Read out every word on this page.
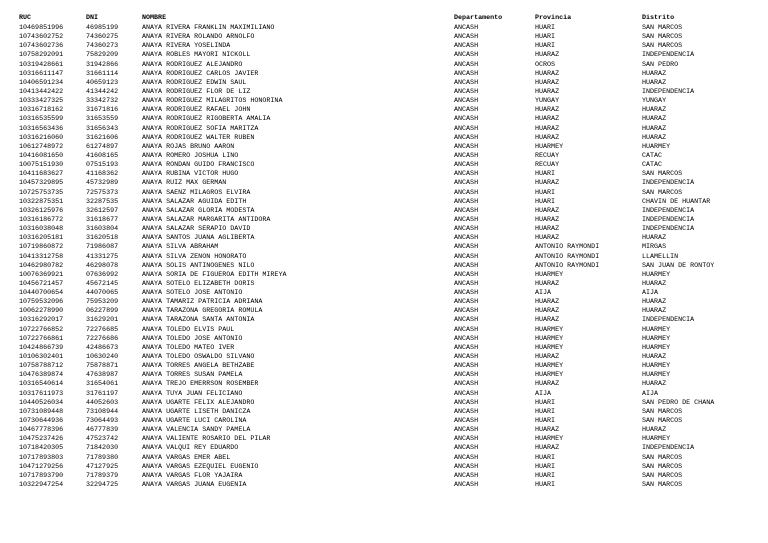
RUC	DNI	NOMBRE	Departamento	Provincia	Distrito
10469851996	46985199	ANAYA RIVERA FRANKLIN MAXIMILIANO	ANCASH	HUARI	SAN MARCOS
10743602752	74360275	ANAYA RIVERA ROLANDO ARNOLFO	ANCASH	HUARI	SAN MARCOS
10743602736	74360273	ANAYA RIVERA YOSELINDA	ANCASH	HUARI	SAN MARCOS
10758292091	75829209	ANAYA ROBLES MAYORI NICKOLL	ANCASH	HUARAZ	INDEPENDENCIA
10319428661	31942866	ANAYA RODRIGUEZ ALEJANDRO	ANCASH	OCROS	SAN PEDRO
10316611147	31661114	ANAYA RODRIGUEZ CARLOS JAVIER	ANCASH	HUARAZ	HUARAZ
10406591234	40659123	ANAYA RODRIGUEZ EDWIN SAUL	ANCASH	HUARAZ	HUARAZ
10413442422	41344242	ANAYA RODRIGUEZ FLOR DE LIZ	ANCASH	HUARAZ	INDEPENDENCIA
10333427325	33342732	ANAYA RODRIGUEZ MILAGRITOS HONORINA	ANCASH	YUNGAY	YUNGAY
10316718162	31671816	ANAYA RODRIGUEZ RAFAEL JOHN	ANCASH	HUARAZ	HUARAZ
10316535599	31653559	ANAYA RODRIGUEZ RIGOBERTA AMALIA	ANCASH	HUARAZ	HUARAZ
10316563436	31656343	ANAYA RODRIGUEZ SOFIA MARITZA	ANCASH	HUARAZ	HUARAZ
10316216060	31621606	ANAYA RODRIGUEZ WALTER RUBEN	ANCASH	HUARAZ	HUARAZ
10612748972	61274897	ANAYA ROJAS BRUNO AARON	ANCASH	HUARMEY	HUARMEY
10416081650	41608165	ANAYA ROMERO JOSHUA LINO	ANCASH	RECUAY	CATAC
10075151930	07515193	ANAYA RONDAN GUIDO FRANCISCO	ANCASH	RECUAY	CATAC
10411683627	41168362	ANAYA RUBINA VICTOR HUGO	ANCASH	HUARI	SAN MARCOS
10457329895	45732989	ANAYA RUIZ MAX GERMAN	ANCASH	HUARAZ	INDEPENDENCIA
10725753735	72575373	ANAYA SAENZ MILAGROS ELVIRA	ANCASH	HUARI	SAN MARCOS
10322875351	32287535	ANAYA SALAZAR AGUIDA EDITH	ANCASH	HUARI	CHAVIN DE HUANTAR
10326125976	32612597	ANAYA SALAZAR GLORIA MODESTA	ANCASH	HUARAZ	INDEPENDENCIA
10316186772	31618677	ANAYA SALAZAR MARGARITA ANTIDORA	ANCASH	HUARAZ	INDEPENDENCIA
10316038048	31603804	ANAYA SALAZAR SERAPIO DAVID	ANCASH	HUARAZ	INDEPENDENCIA
10316205181	31620518	ANAYA SANTOS JUANA AGLIBERTA	ANCASH	HUARAZ	HUARAZ
10719860872	71986087	ANAYA SILVA ABRAHAM	ANCASH	ANTONIO RAYMONDI	MIRGAS
10413312758	41331275	ANAYA SILVA ZENON HONORATO	ANCASH	ANTONIO RAYMONDI	LLAMELLIN
10462980782	46298078	ANAYA SOLIS ANTINOGENES NILO	ANCASH	ANTONIO RAYMONDI	SAN JUAN DE RONTOY
10076369921	07636992	ANAYA SORIA DE FIGUEROA EDITH MIREYA	ANCASH	HUARMEY	HUARMEY
10456721457	45672145	ANAYA SOTELO ELIZABETH DORIS	ANCASH	HUARAZ	HUARAZ
10440700654	44070065	ANAYA SOTELO JOSE ANTONIO	ANCASH	AIJA	AIJA
10759532096	75953209	ANAYA TAMARIZ PATRICIA ADRIANA	ANCASH	HUARAZ	HUARAZ
10062278990	06227899	ANAYA TARAZONA GREGORIA ROMULA	ANCASH	HUARAZ	HUARAZ
10316292017	31629201	ANAYA TARAZONA SANTA ANTONIA	ANCASH	HUARAZ	INDEPENDENCIA
10722766852	72276685	ANAYA TOLEDO ELVIS PAUL	ANCASH	HUARMEY	HUARMEY
10722766861	72276686	ANAYA TOLEDO JOSE ANTONIO	ANCASH	HUARMEY	HUARMEY
10424866739	42486673	ANAYA TOLEDO MATEO IVER	ANCASH	HUARMEY	HUARMEY
10106302401	10630240	ANAYA TOLEDO OSWALDO SILVANO	ANCASH	HUARAZ	HUARAZ
10758788712	75878871	ANAYA TORRES ANGELA BETHZABE	ANCASH	HUARMEY	HUARMEY
10476389874	47638987	ANAYA TORRES SUSAN PAMELA	ANCASH	HUARMEY	HUARMEY
10316540614	31654061	ANAYA TREJO EMERRSON ROSEMBER	ANCASH	HUARAZ	HUARAZ
10317611973	31761197	ANAYA TUYA JUAN FELICIANO	ANCASH	AIJA	AIJA
10440526034	44052603	ANAYA UGARTE FELIX ALEJANDRO	ANCASH	HUARI	SAN PEDRO DE CHANA
10731089448	73108944	ANAYA UGARTE LISETH DANICZA	ANCASH	HUARI	SAN MARCOS
10730644936	73064493	ANAYA UGARTE LUCI CAROLINA	ANCASH	HUARI	SAN MARCOS
10467778396	46777839	ANAYA VALENCIA SANDY PAMELA	ANCASH	HUARAZ	HUARAZ
10475237426	47523742	ANAYA VALIENTE ROSARIO DEL PILAR	ANCASH	HUARMEY	HUARMEY
10718420305	71842030	ANAYA VALQUI REY EDUARDO	ANCASH	HUARAZ	INDEPENDENCIA
10717893803	71789380	ANAYA VARGAS EMER ABEL	ANCASH	HUARI	SAN MARCOS
10471279256	47127925	ANAYA VARGAS EZEQUIEL EUGENIO	ANCASH	HUARI	SAN MARCOS
10717893790	71789379	ANAYA VARGAS FLOR YAJAIRA	ANCASH	HUARI	SAN MARCOS
10322947254	32294725	ANAYA VARGAS JUANA EUGENIA	ANCASH	HUARI	SAN MARCOS
